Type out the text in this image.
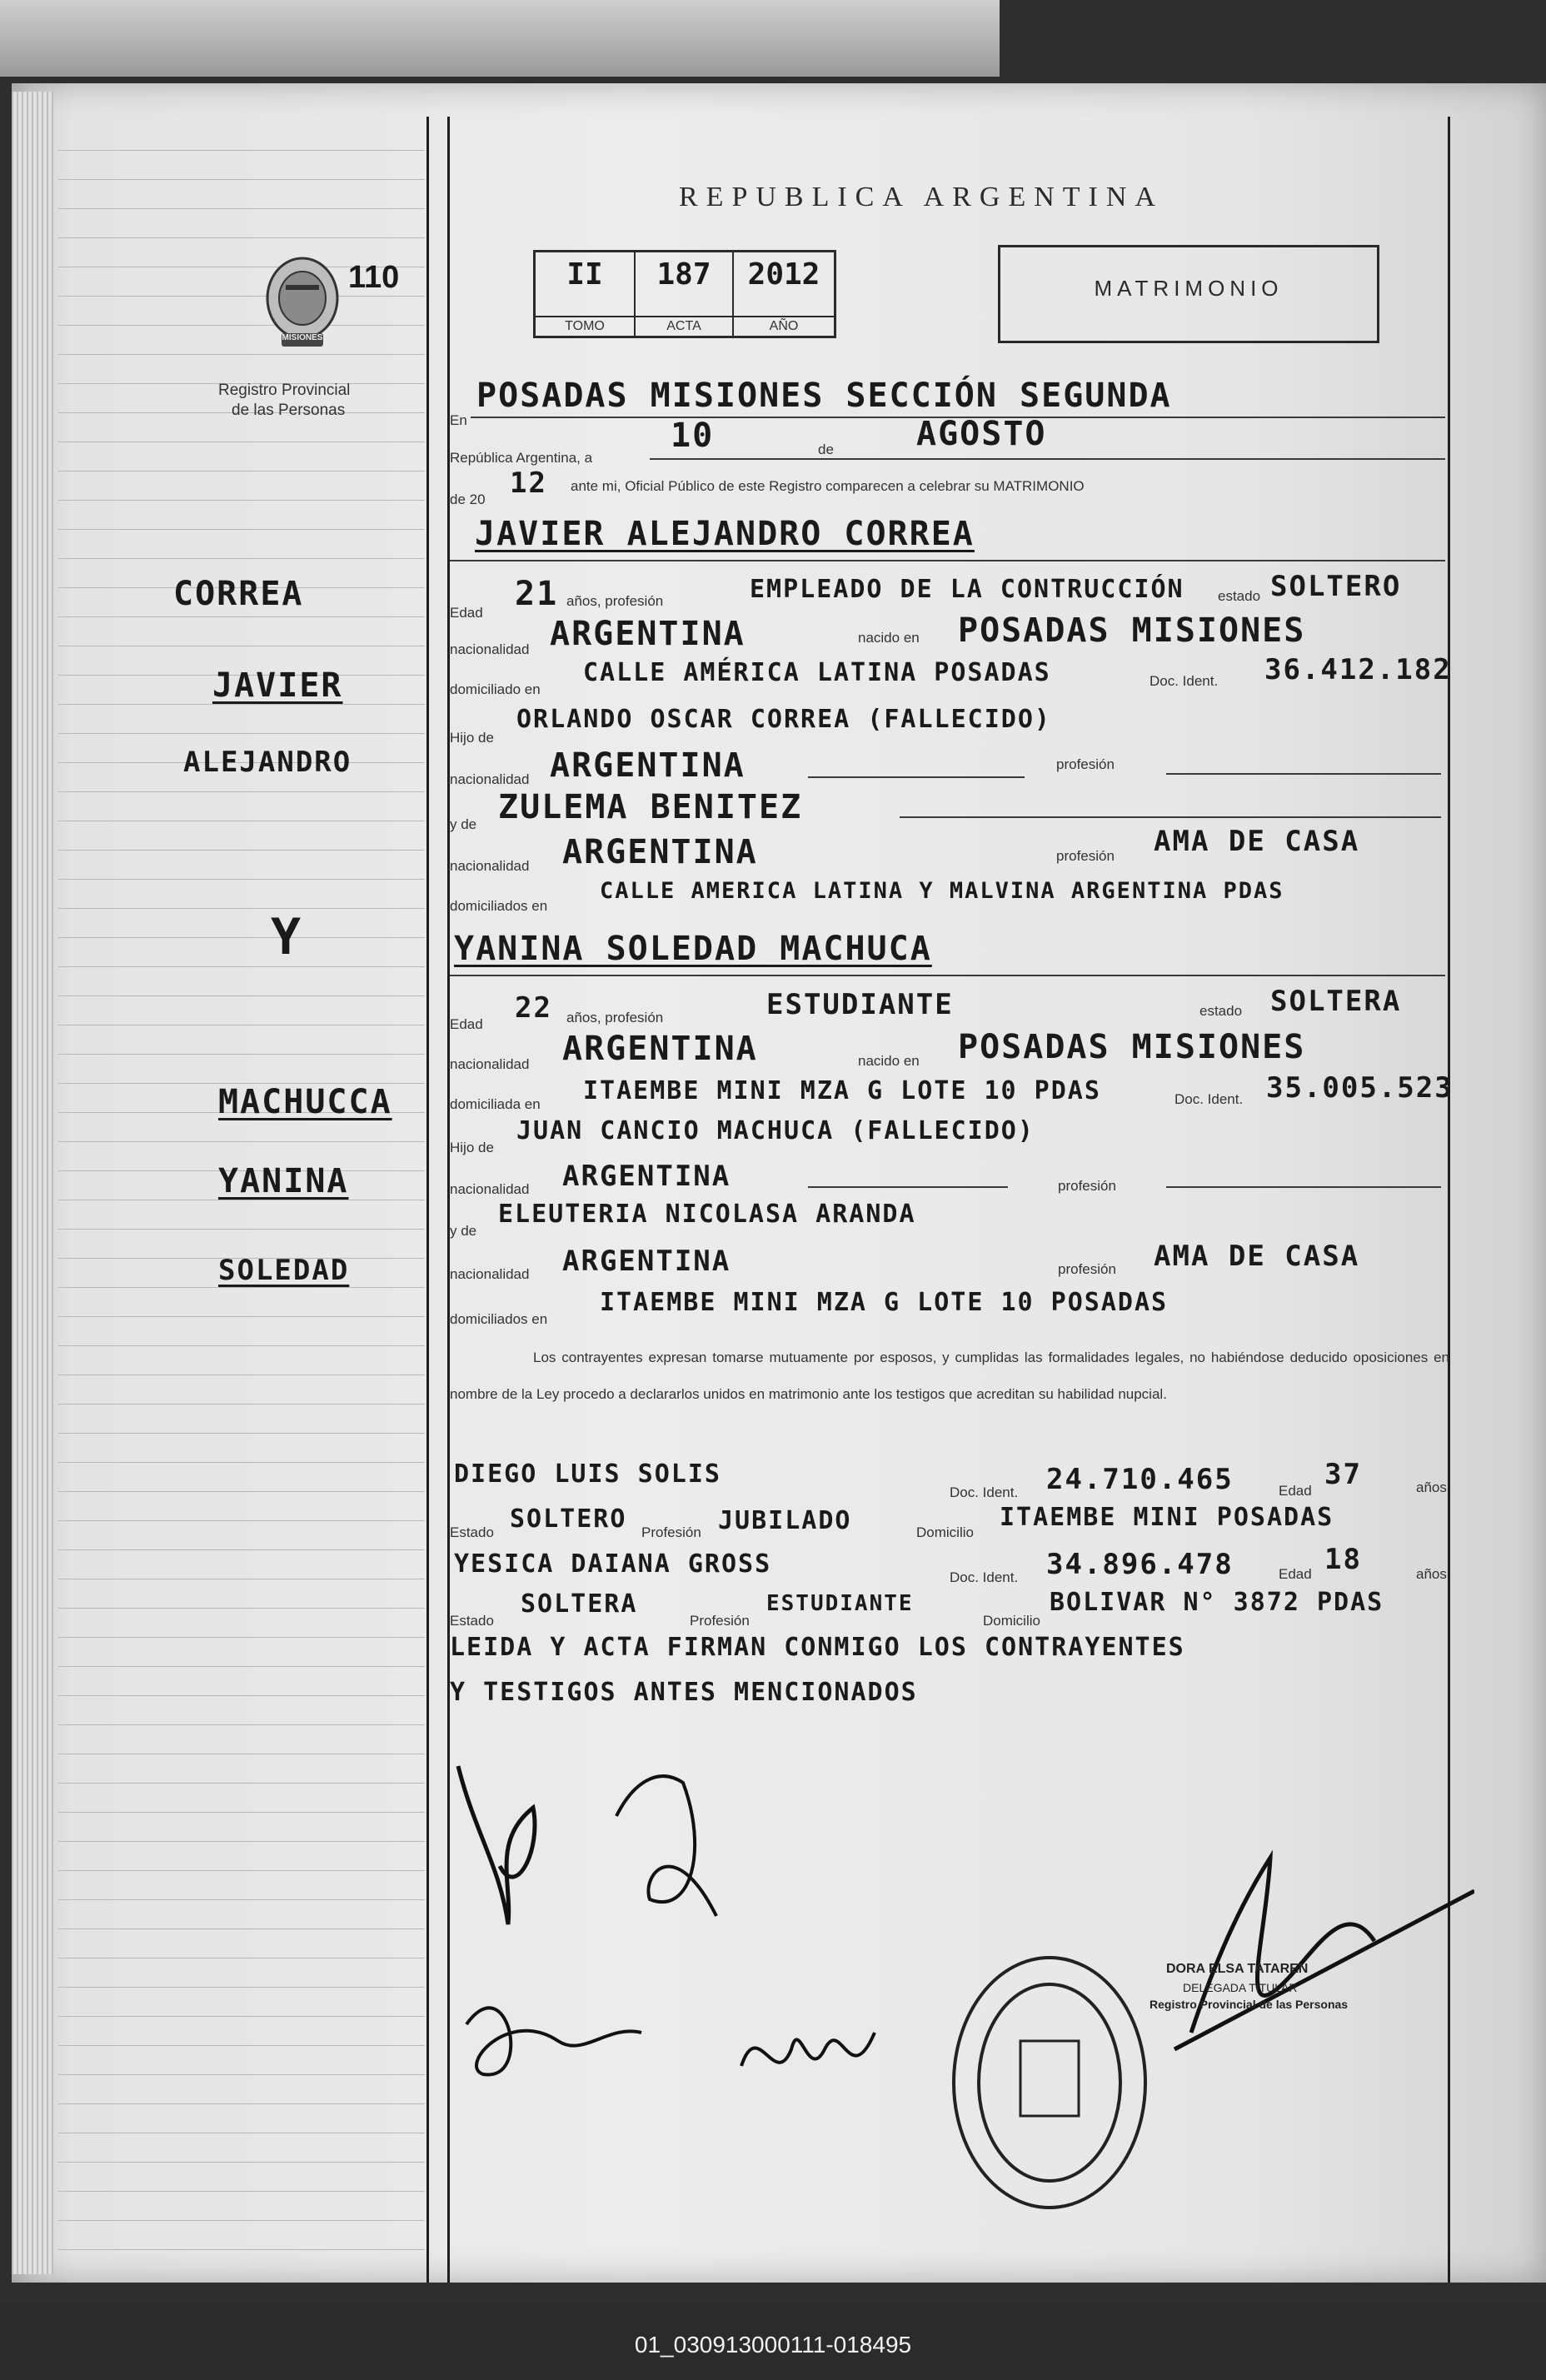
REPUBLICA ARGENTINA
MISIONES
110
Registro Provincial
de las Personas
II
TOMO
187
ACTA
2012
AÑO
MATRIMONIO
CORREA
JAVIER
ALEJANDRO
Y
MACHUCCA
YANINA
SOLEDAD
En
POSADAS MISIONES SECCIÓN SEGUNDA
República Argentina, a
10	de AGOSTO
de 20 12 ante mi, Oficial Público de este Registro comparecen a celebrar su MATRIMONIO
JAVIER ALEJANDRO CORREA
Edad 21 años, profesión	EMPLEADO DE LA CONTRUCCIÓN estado SOLTERO
nacionalidad ARGENTINA	nacido en POSADAS MISIONES
domiciliado en
CALLE AMÉRICA LATINA POSADAS	Doc. Ident. 36.412.182
Hijo de
ORLANDO OSCAR CORREA (FALLECIDO)
nacionalidad ARGENTINA	profesión
y de ZULEMA BENITEZ
nacionalidad ARGENTINA	profesión AMA DE CASA
domiciliados en
CALLE AMERICA LATINA Y MALVINA ARGENTINA PDAS
YANINA SOLEDAD MACHUCA
Edad 22 años, profesión	ESTUDIANTE	estado SOLTERA
nacionalidad ARGENTINA	nacido en POSADAS MISIONES
domiciliada en ITAEMBE MINI MZA G LOTE 10 PDAS	Doc. Ident. 35.005.523
Hijo de
JUAN CANCIO MACHUCA (FALLECIDO)
nacionalidad ARGENTINA	profesión
y de
ELEUTERIA NICOLASA ARANDA
nacionalidad ARGENTINA	profesión AMA DE CASA
domiciliados en
ITAEMBE MINI MZA G LOTE 10 POSADAS
Los contrayentes expresan tomarse mutuamente por esposos, y cumplidas las formalidades legales, no habiéndose deducido oposiciones en nombre de la Ley procedo a declararlos unidos en matrimonio ante los testigos que acreditan su habilidad nupcial.
DIEGO LUIS SOLIS
Doc. Ident. 24.710.465	Edad 37	años
Estado SOLTERO Profesión JUBILADO	Domicilio
ITAEMBE MINI POSADAS
YESICA DAIANA GROSS	Doc. Ident. 34.896.478	Edad 18	años
Estado
SOLTERA
Profesión
ESTUDIANTE
Domicilio
BOLIVAR N° 3872 PDAS
LEIDA Y ACTA FIRMAN CONMIGO LOS CONTRAYENTES
Y TESTIGOS ANTES MENCIONADOS
DORA ELSA TATAREN
DELEGADA TITULAR
Registro Provincial de las Personas
01_030913000111-018495
